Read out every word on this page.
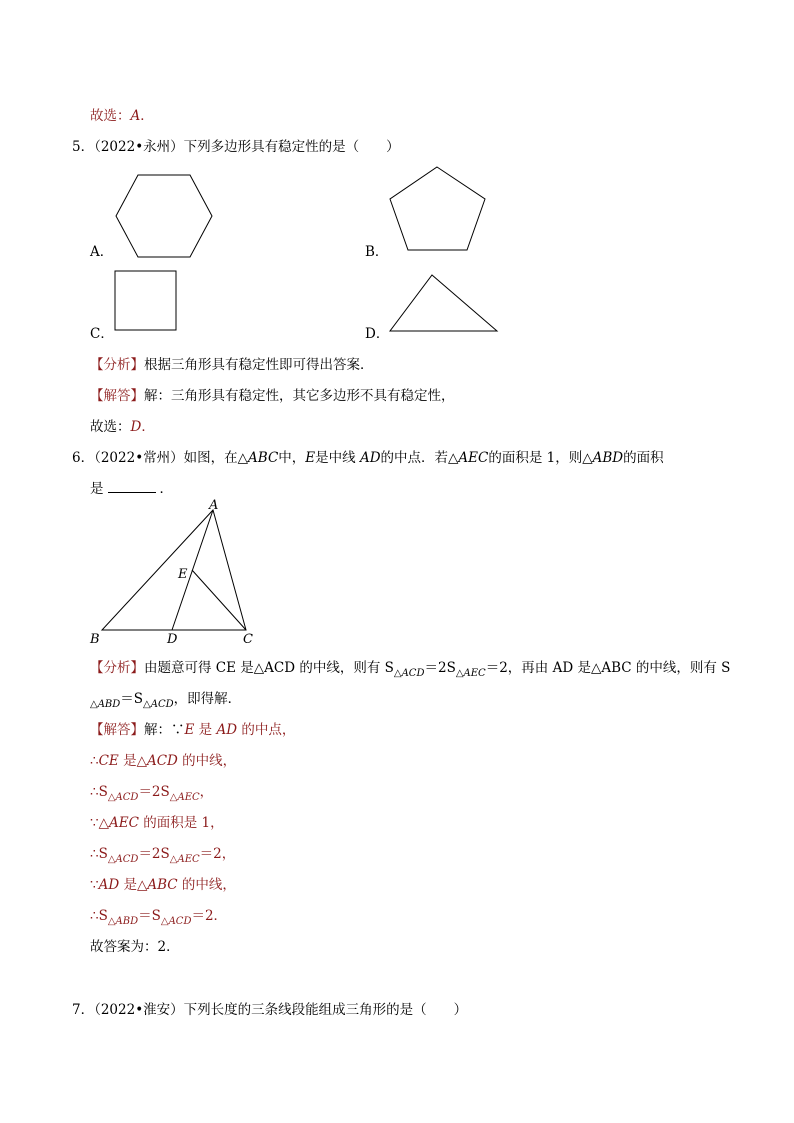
故选：A．
5．（2022•永州）下列多边形具有稳定性的是（　　）
A．	B．
C．	D．
【分析】根据三角形具有稳定性即可得出答案．
【解答】解：三角形具有稳定性，其它多边形不具有稳定性，
故选：D．
6．（2022•常州）如图，在△ABC中，E是中线 AD的中点．若△AEC的面积是 1，则△ABD的面积
是	．
A
B	C
D
E
【分析】由题意可得 CE 是△ACD 的中线，则有 $S_{\triangle ACD}=2S_{\triangle AEC}=2$，再由 AD 是△ABC 的中线，则有 S
$_{\triangle ABD}=S_{\triangle ACD}$，即得解．
【解答】解：∵E 是 AD 的中点，
∴CE 是△ACD 的中线，
$\therefore S_{\triangle ACD}=2S_{\triangle AEC}$，
∵△AEC 的面积是 1，
$\therefore S_{\triangle ACD}=2S_{\triangle AEC}=2$，
∵AD 是△ABC 的中线，
$\therefore S_{\triangle ABD}=S_{\triangle ACD}=2$．
故答案为：2．
7．（2022•淮安）下列长度的三条线段能组成三角形的是（　　）
